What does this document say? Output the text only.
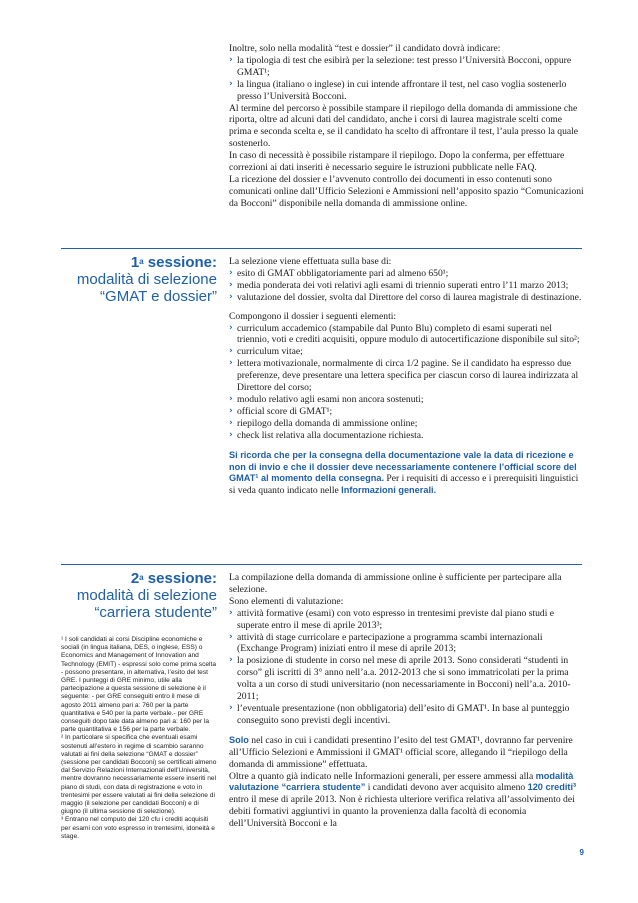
Inoltre, solo nella modalità “test e dossier” il candidato dovrà indicare:

› la tipologia di test che esibirà per la selezione: test presso l’Università Bocconi, oppure GMAT¹;
› la lingua (italiano o inglese) in cui intende affrontare il test, nel caso voglia sostenerlo presso l’Università Bocconi.

Al termine del percorso è possibile stampare il riepilogo della domanda di ammissione che riporta, oltre ad alcuni dati del candidato, anche i corsi di laurea magistrale scelti come prima e seconda scelta e, se il candidato ha scelto di affrontare il test, l’aula presso la quale sostenerlo.

In caso di necessità è possibile ristampare il riepilogo. Dopo la conferma, per effettuare correzioni ai dati inseriti è necessario seguire le istruzioni pubblicate nelle FAQ.

La ricezione del dossier e l’avvenuto controllo dei documenti in esso contenuti sono comunicati online dall’Ufficio Selezioni e Ammissioni nell’apposito spazio “Comunicazioni da Bocconi” disponibile nella domanda di ammissione online.

1$^a$ sessione:
modalità di selezione
“GMAT e dossier”

La selezione viene effettuata sulla base di:

› esito di GMAT obbligatoriamente pari ad almeno 650¹;
› media ponderata dei voti relativi agli esami di triennio superati entro l’11 marzo 2013;
› valutazione del dossier, svolta dal Direttore del corso di laurea magistrale di destinazione.

Compongono il dossier i seguenti elementi:

› curriculum accademico (stampabile dal Punto Blu) completo di esami superati nel triennio, voti e crediti acquisiti, oppure modulo di autocertificazione disponibile sul sito²;
› curriculum vitae;
› lettera motivazionale, normalmente di circa 1/2 pagine. Se il candidato ha espresso due preferenze, deve presentare una lettera specifica per ciascun corso di laurea indirizzata al Direttore del corso;
› modulo relativo agli esami non ancora sostenuti;
› official score di GMAT¹;
› riepilogo della domanda di ammissione online;
› check list relativa alla documentazione richiesta.

Si ricorda che per la consegna della documentazione vale la data di ricezione e non di invio e che il dossier deve necessariamente contenere l’official score del GMAT¹ al momento della consegna. Per i requisiti di accesso e i prerequisiti linguistici si veda quanto indicato nelle Informazioni generali.

2$^a$ sessione:
modalità di selezione
“carriera studente”

¹ I soli candidati ai corsi Discipline economiche e sociali (in lingua italiana, DES, o inglese, ESS) o Economics and Management of Innovation and Technology (EMIT) - espressi solo come prima scelta - possono presentare, in alternativa, l’esito del test GRE. I punteggi di GRE minimo, utile alla partecipazione a questa sessione di selezione è il seguente: - per GRE conseguiti entro il mese di agosto 2011 almeno pari a: 760 per la parte quantitativa e 540 per la parte verbale.- per GRE conseguiti dopo tale data almeno pari a: 160 per la parte quantitativa e 156 per la parte verbale.

² In particolare si specifica che eventuali esami sostenuti all’estero in regime di scambio saranno valutati ai fini della selezione “GMAT e dossier” (sessione per candidati Bocconi) se certificati almeno dal Servizio Relazioni Internazionali dell’Università, mentre dovranno necessariamente essere inseriti nel piano di studi, con data di registrazione e voto in trentesimi per essere valutati ai fini della selezione di maggio (il selezione per candidati Bocconi) e di giugno (il ultima sessione di selezione).

³ Entrano nel computo dei 120 cfu i crediti acquisiti per esami con voto espresso in trentesimi, idoneità e stage.

La compilazione della domanda di ammissione online è sufficiente per partecipare alla selezione.

Sono elementi di valutazione:

› attività formative (esami) con voto espresso in trentesimi previste dal piano studi e superate entro il mese di aprile 2013³;
› attività di stage curricolare e partecipazione a programma scambi internazionali (Exchange Program) iniziati entro il mese di aprile 2013;
› la posizione di studente in corso nel mese di aprile 2013. Sono considerati “studenti in corso” gli iscritti di 3° anno nell’a.a. 2012-2013 che si sono immatricolati per la prima volta a un corso di studi universitario (non necessariamente in Bocconi) nell’a.a. 2010-2011;
› l’eventuale presentazione (non obbligatoria) dell’esito di GMAT¹. In base al punteggio conseguito sono previsti degli incentivi.

Solo nel caso in cui i candidati presentino l’esito del test GMAT¹, dovranno far pervenire all’Ufficio Selezioni e Ammissioni il GMAT¹ official score, allegando il “riepilogo della domanda di ammissione” effettuata.

Oltre a quanto già indicato nelle Informazioni generali, per essere ammessi alla modalità valutazione “carriera studente” i candidati devono aver acquisito almeno 120 crediti³ entro il mese di aprile 2013. Non è richiesta ulteriore verifica relativa all’assolvimento dei debiti formativi aggiuntivi in quanto la provenienza dalla facoltà di economia dell’Università Bocconi e la

9
